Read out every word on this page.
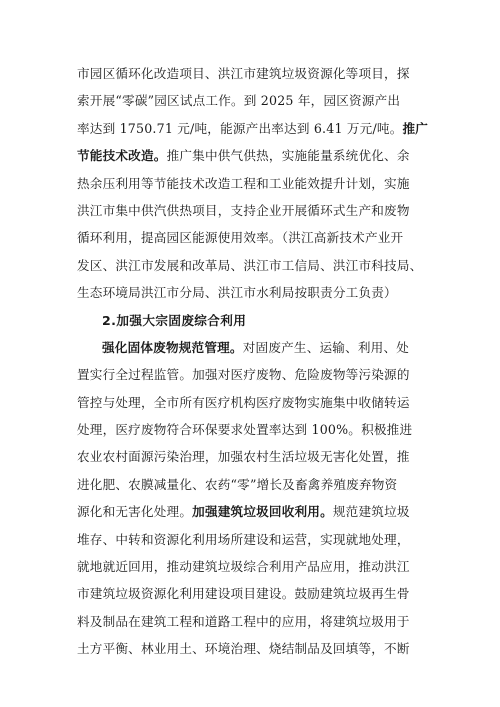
市园区循环化改造项目、洪江市建筑垃圾资源化等项目，探
索开展“零碳”园区试点工作。到 2025 年，园区资源产出
率达到 1750.71 元/吨，能源产出率达到 6.41 万元/吨。推广
节能技术改造。推广集中供气供热，实施能量系统优化、余
热余压利用等节能技术改造工程和工业能效提升计划，实施
洪江市集中供汽供热项目，支持企业开展循环式生产和废物
循环利用，提高园区能源使用效率。（洪江高新技术产业开
发区、洪江市发展和改革局、洪江市工信局、洪江市科技局、
生态环境局洪江市分局、洪江市水利局按职责分工负责）
2.加强大宗固废综合利用
强化固体废物规范管理。对固废产生、运输、利用、处
置实行全过程监管。加强对医疗废物、危险废物等污染源的
管控与处理，全市所有医疗机构医疗废物实施集中收储转运
处理，医疗废物符合环保要求处置率达到 100%。积极推进
农业农村面源污染治理，加强农村生活垃圾无害化处置，推
进化肥、农膜减量化、农药“零”增长及畜禽养殖废弃物资
源化和无害化处理。加强建筑垃圾回收利用。规范建筑垃圾
堆存、中转和资源化利用场所建设和运营，实现就地处理，
就地就近回用，推动建筑垃圾综合利用产品应用，推动洪江
市建筑垃圾资源化利用建设项目建设。鼓励建筑垃圾再生骨
料及制品在建筑工程和道路工程中的应用，将建筑垃圾用于
土方平衡、林业用土、环境治理、烧结制品及回填等，不断
